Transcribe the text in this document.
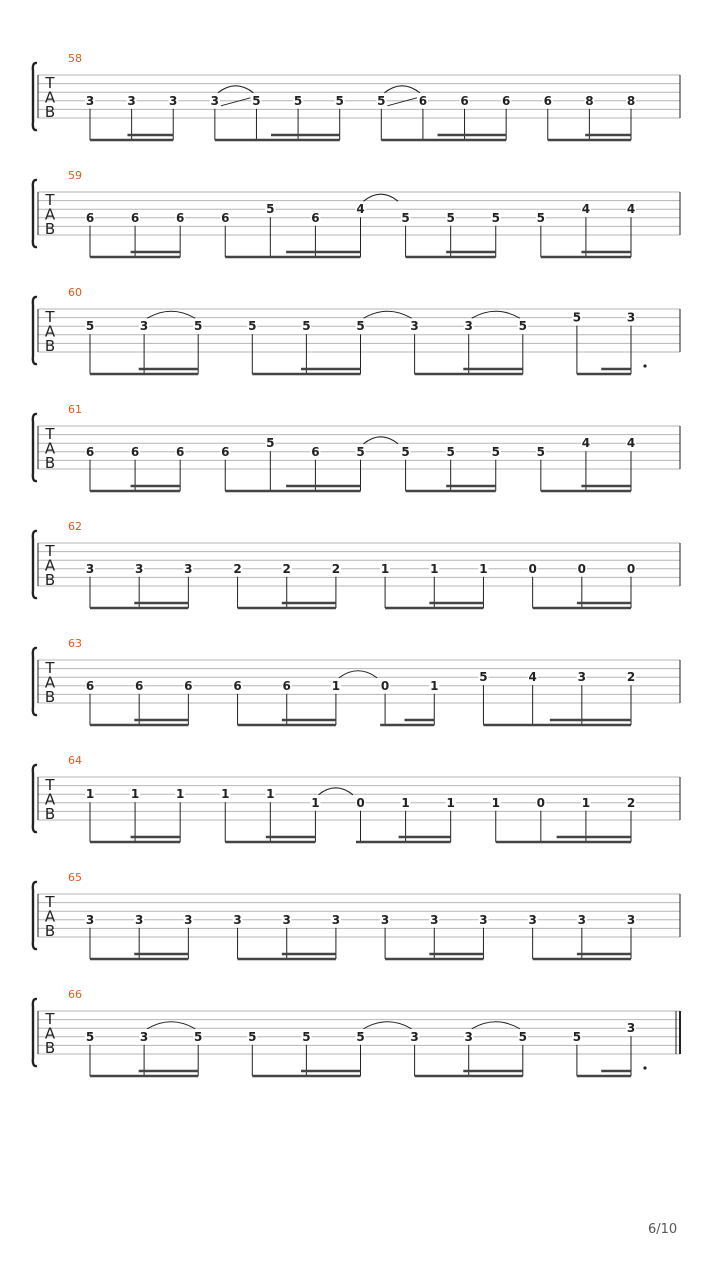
T
A
B
58
3	3	3	3	5	5	5	5	6	6	6	6	8	8
T
A
B
59
6	6	6	6
5
6
4
5	5	5	5
4	4
T
A
B
60
5	3	5	5	5	5	3	3	5
5	3
T
A
B
61
6	6	6	6
5
6	5	5	5	5	5
4	4
T
A
B
62
3	3	3	2	2	2	1	1	1	0	0	0
T
A
B
63
6	6	6	6	6	1	0	1
5	4	3	2
T
A
B
64
1	1	1	1	1
1	0	1	1	1	0	1	2
T
A
B
65
3	3	3	3	3	3	3	3	3	3	3	3
T
A
B
66
5	3	5	5	5	5	3	3	5	5
3
6/10
